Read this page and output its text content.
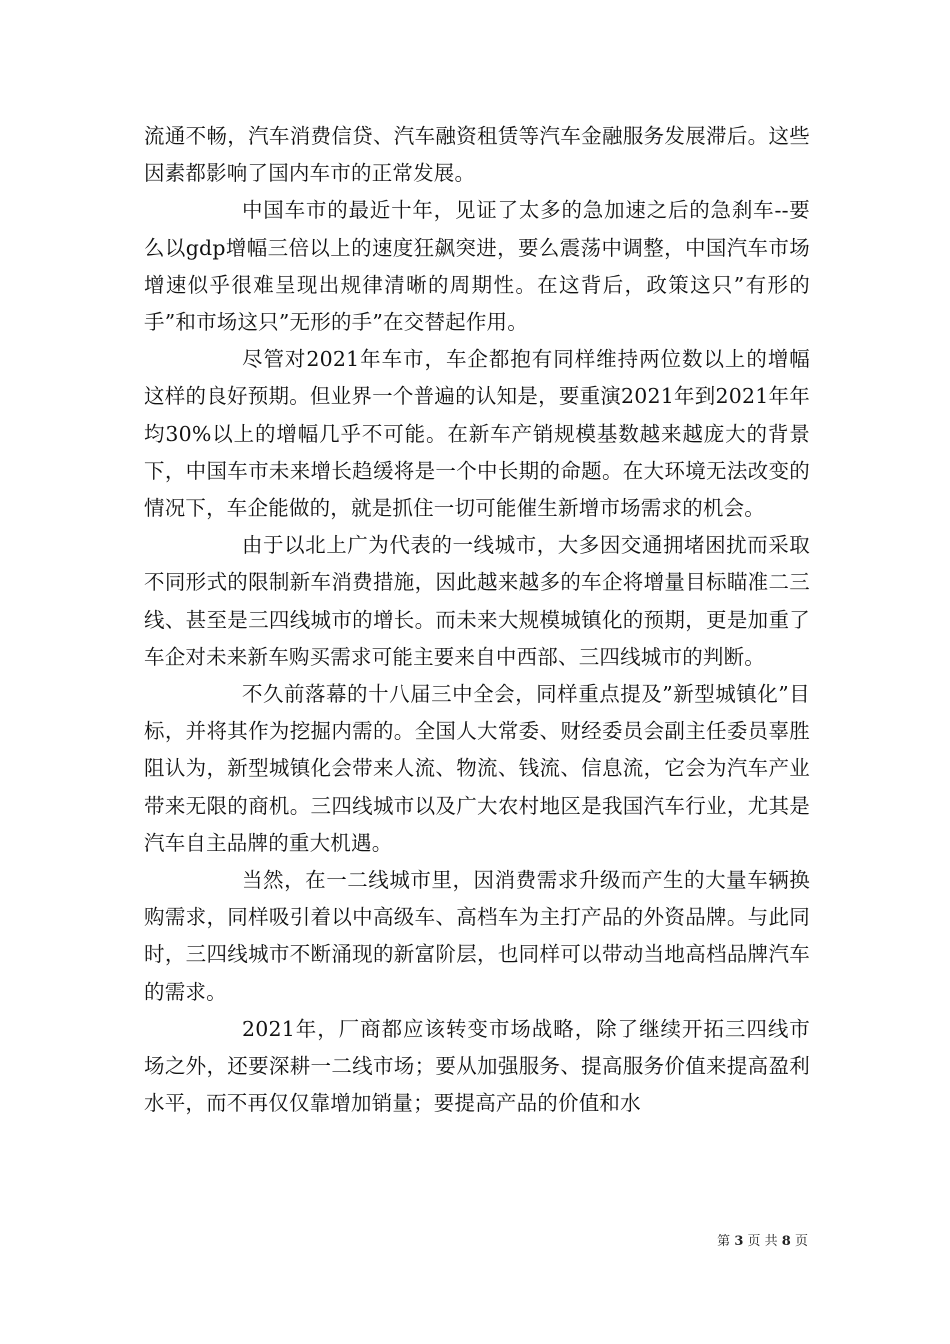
流通不畅，汽车消费信贷、汽车融资租赁等汽车金融服务发展滞后。这些因素都影响了国内车市的正常发展。

中国车市的最近十年，见证了太多的急加速之后的急刹车--要么以gdp增幅三倍以上的速度狂飙突进，要么震荡中调整，中国汽车市场增速似乎很难呈现出规律清晰的周期性。在这背后，政策这只”有形的手”和市场这只”无形的手”在交替起作用。

尽管对2021年车市，车企都抱有同样维持两位数以上的增幅这样的良好预期。但业界一个普遍的认知是，要重演2021年到2021年年均30%以上的增幅几乎不可能。在新车产销规模基数越来越庞大的背景下，中国车市未来增长趋缓将是一个中长期的命题。在大环境无法改变的情况下，车企能做的，就是抓住一切可能催生新增市场需求的机会。

由于以北上广为代表的一线城市，大多因交通拥堵困扰而采取不同形式的限制新车消费措施，因此越来越多的车企将增量目标瞄准二三线、甚至是三四线城市的增长。而未来大规模城镇化的预期，更是加重了车企对未来新车购买需求可能主要来自中西部、三四线城市的判断。

不久前落幕的十八届三中全会，同样重点提及”新型城镇化”目标，并将其作为挖掘内需的。全国人大常委、财经委员会副主任委员辜胜阻认为，新型城镇化会带来人流、物流、钱流、信息流，它会为汽车产业带来无限的商机。三四线城市以及广大农村地区是我国汽车行业，尤其是汽车自主品牌的重大机遇。

当然，在一二线城市里，因消费需求升级而产生的大量车辆换购需求，同样吸引着以中高级车、高档车为主打产品的外资品牌。与此同时，三四线城市不断涌现的新富阶层，也同样可以带动当地高档品牌汽车的需求。

2021年，厂商都应该转变市场战略，除了继续开拓三四线市场之外，还要深耕一二线市场；要从加强服务、提高服务价值来提高盈利水平，而不再仅仅靠增加销量；要提高产品的价值和水

第 3 页 共 8 页
